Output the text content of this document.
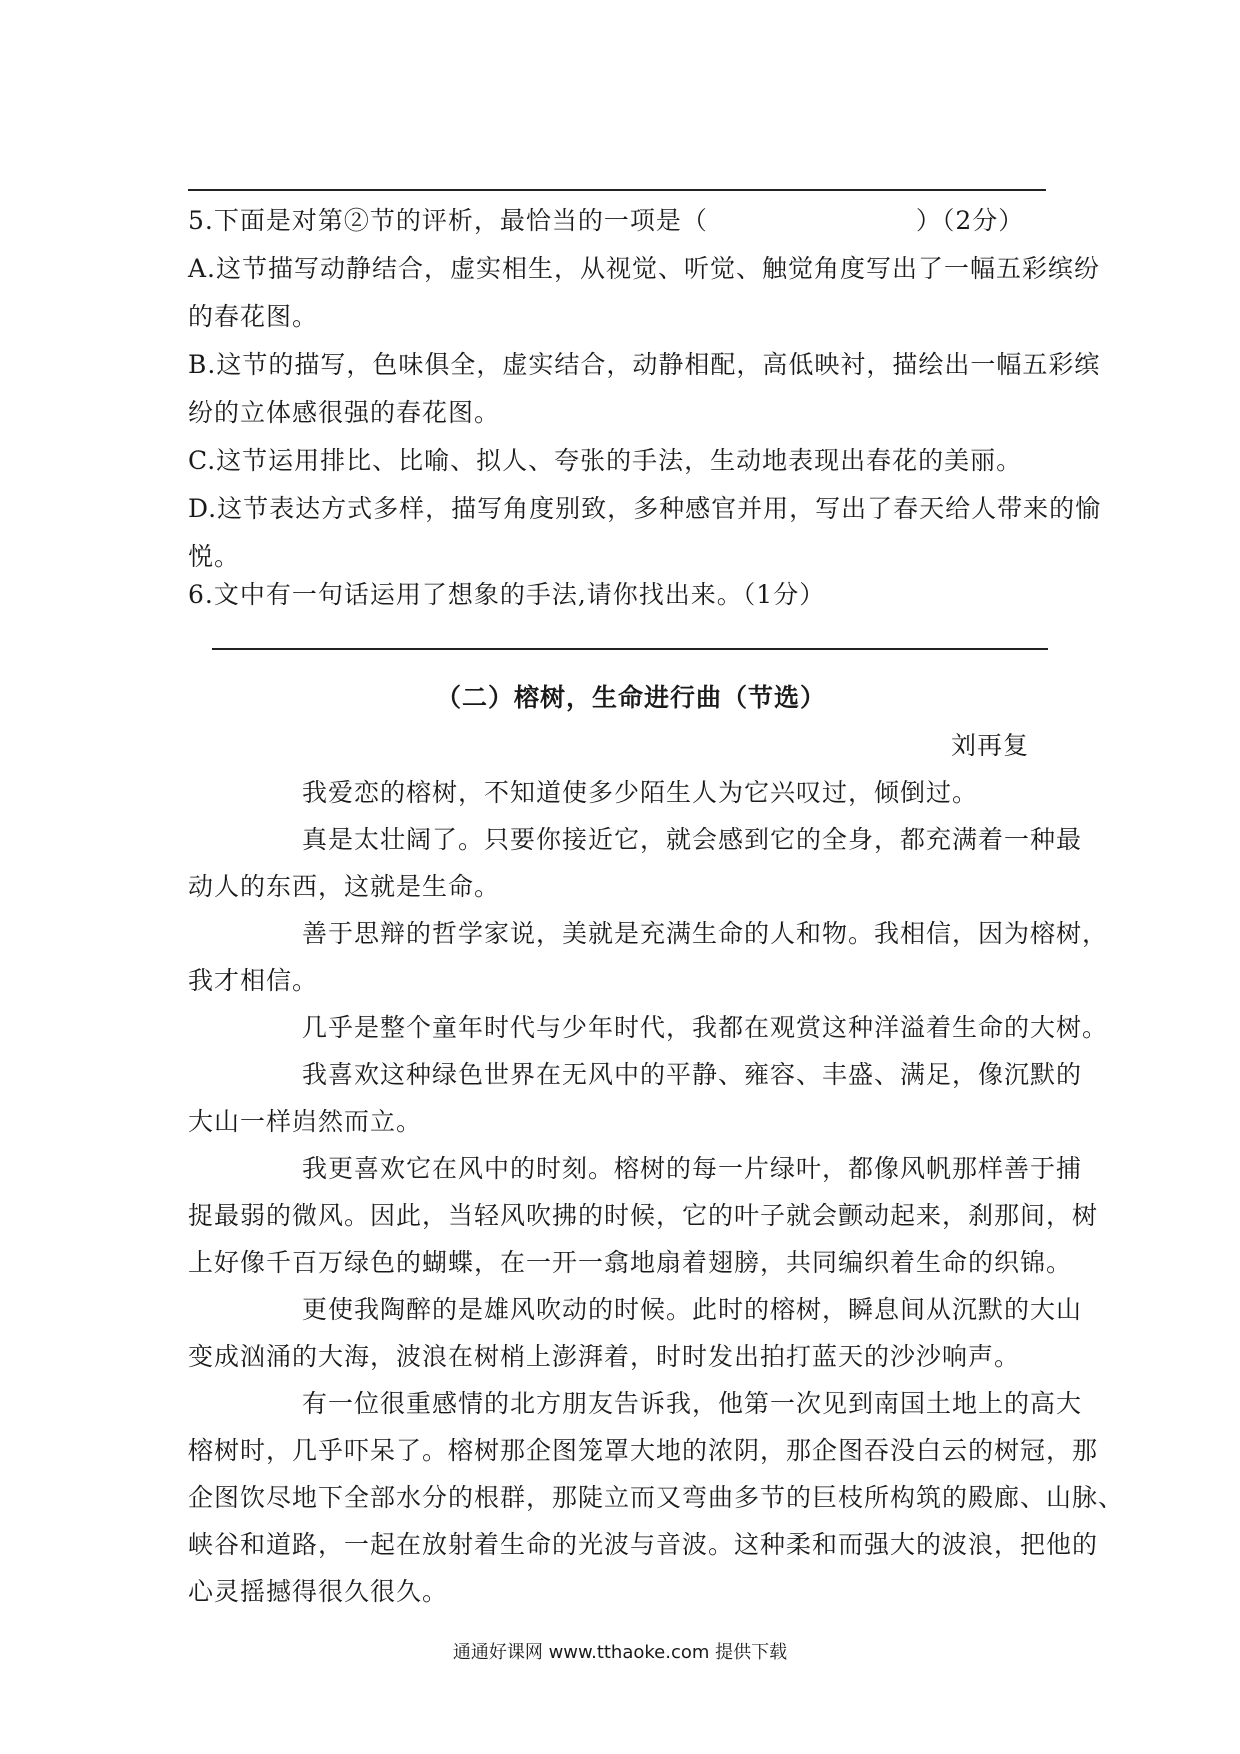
5.下面是对第②节的评析，最恰当的一项是（　　　　　　　　）（2分）
A.这节描写动静结合，虚实相生，从视觉、听觉、触觉角度写出了一幅五彩缤纷
的春花图。
B.这节的描写，色味俱全，虚实结合，动静相配，高低映衬，描绘出一幅五彩缤
纷的立体感很强的春花图。
C.这节运用排比、比喻、拟人、夸张的手法，生动地表现出春花的美丽。
D.这节表达方式多样，描写角度别致，多种感官并用，写出了春天给人带来的愉
悦。
6.文中有一句话运用了想象的手法,请你找出来。（1分）
（二）榕树，生命进行曲（节选）
刘再复
我爱恋的榕树，不知道使多少陌生人为它兴叹过，倾倒过。
真是太壮阔了。只要你接近它，就会感到它的全身，都充满着一种最
动人的东西，这就是生命。
善于思辩的哲学家说，美就是充满生命的人和物。我相信，因为榕树，
我才相信。
几乎是整个童年时代与少年时代，我都在观赏这种洋溢着生命的大树。
我喜欢这种绿色世界在无风中的平静、雍容、丰盛、满足，像沉默的
大山一样岿然而立。
我更喜欢它在风中的时刻。榕树的每一片绿叶，都像风帆那样善于捕
捉最弱的微风。因此，当轻风吹拂的时候，它的叶子就会颤动起来，刹那间，树
上好像千百万绿色的蝴蝶，在一开一翕地扇着翅膀，共同编织着生命的织锦。
更使我陶醉的是雄风吹动的时候。此时的榕树，瞬息间从沉默的大山
变成汹涌的大海，波浪在树梢上澎湃着，时时发出拍打蓝天的沙沙响声。
有一位很重感情的北方朋友告诉我，他第一次见到南国土地上的高大
榕树时，几乎吓呆了。榕树那企图笼罩大地的浓阴，那企图吞没白云的树冠，那
企图饮尽地下全部水分的根群，那陡立而又弯曲多节的巨枝所构筑的殿廊、山脉、
峡谷和道路，一起在放射着生命的光波与音波。这种柔和而强大的波浪，把他的
心灵摇撼得很久很久。
通通好课网 www.tthaoke.com 提供下载
